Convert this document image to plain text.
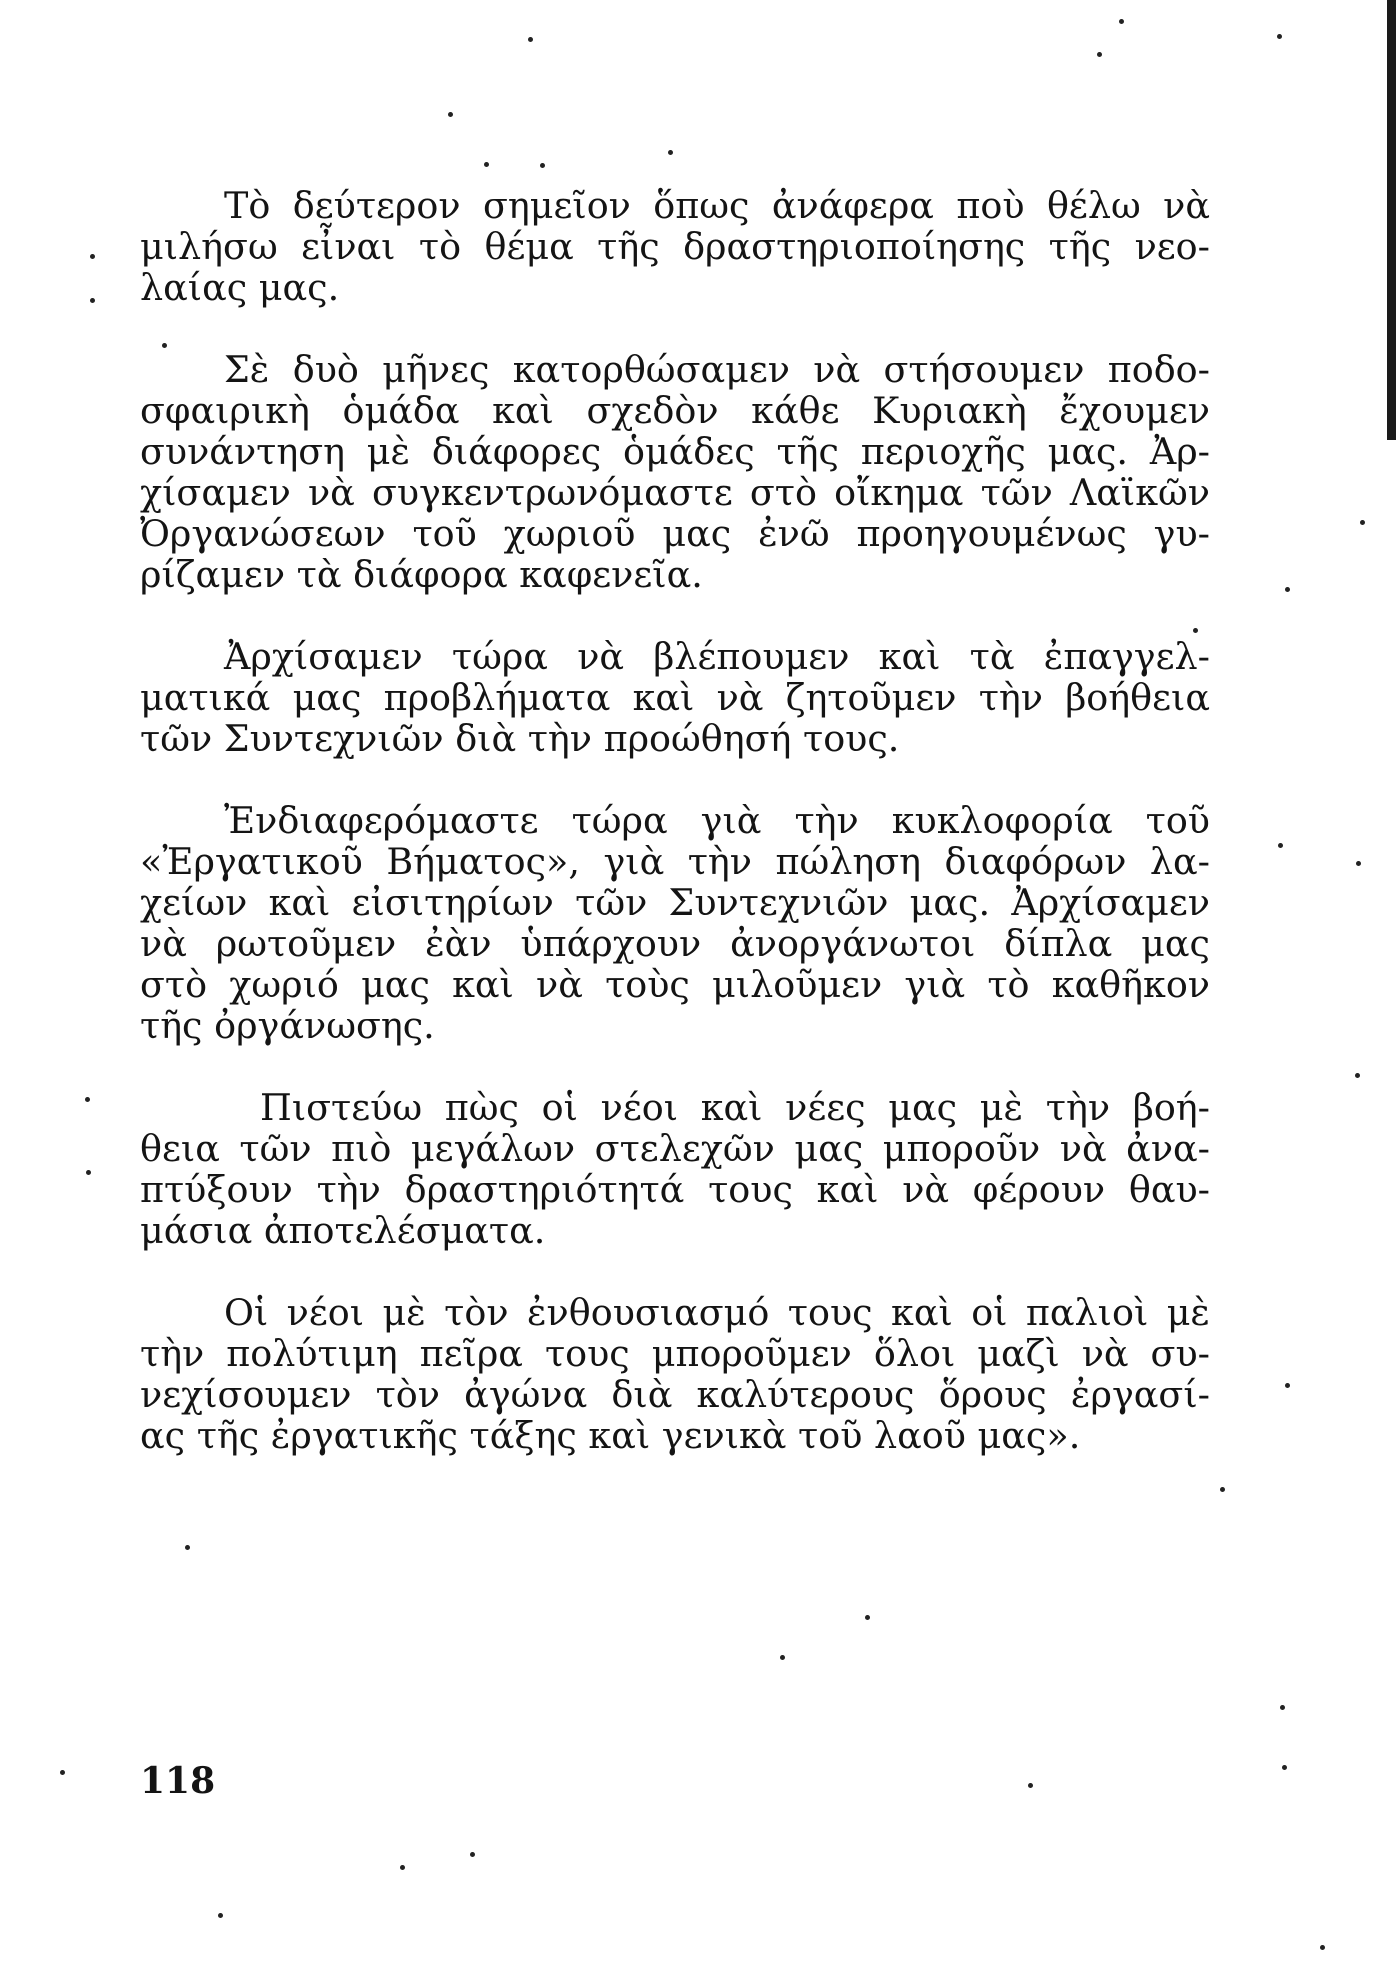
Τὸ δεύτερον σημεῖον ὅπως ἀνάφερα ποὺ θέλω νὰ
μιλήσω εἶναι τὸ θέμα τῆς δραστηριοποίησης τῆς νεο-
λαίας μας.

Σὲ δυὸ μῆνες κατορθώσαμεν νὰ στήσουμεν ποδο-
σφαιρικὴ ὁμάδα καὶ σχεδὸν κάθε Κυριακὴ ἔχουμεν
συνάντηση μὲ διάφορες ὁμάδες τῆς περιοχῆς μας. Ἀρ-
χίσαμεν νὰ συγκεντρωνόμαστε στὸ οἴκημα τῶν Λαϊκῶν
Ὀργανώσεων τοῦ χωριοῦ μας ἐνῶ προηγουμένως γυ-
ρίζαμεν τὰ διάφορα καφενεῖα.

Ἀρχίσαμεν τώρα νὰ βλέπουμεν καὶ τὰ ἐπαγγελ-
ματικά μας προβλήματα καὶ νὰ ζητοῦμεν τὴν βοήθεια
τῶν Συντεχνιῶν διὰ τὴν προώθησή τους.

Ἐνδιαφερόμαστε τώρα γιὰ τὴν κυκλοφορία τοῦ
«Ἐργατικοῦ Βήματος», γιὰ τὴν πώληση διαφόρων λα-
χείων καὶ εἰσιτηρίων τῶν Συντεχνιῶν μας. Ἀρχίσαμεν
νὰ ρωτοῦμεν ἐὰν ὑπάρχουν ἀνοργάνωτοι δίπλα μας
στὸ χωριό μας καὶ νὰ τοὺς μιλοῦμεν γιὰ τὸ καθῆκον
τῆς ὀργάνωσης.

Πιστεύω πὼς οἱ νέοι καὶ νέες μας μὲ τὴν βοή-
θεια τῶν πιὸ μεγάλων στελεχῶν μας μποροῦν νὰ ἀνα-
πτύξουν τὴν δραστηριότητά τους καὶ νὰ φέρουν θαυ-
μάσια ἀποτελέσματα.

Οἱ νέοι μὲ τὸν ἐνθουσιασμό τους καὶ οἱ παλιοὶ μὲ
τὴν πολύτιμη πεῖρα τους μποροῦμεν ὅλοι μαζὶ νὰ συ-
νεχίσουμεν τὸν ἀγώνα διὰ καλύτερους ὅρους ἐργασί-
ας τῆς ἐργατικῆς τάξης καὶ γενικὰ τοῦ λαοῦ μας».

118
